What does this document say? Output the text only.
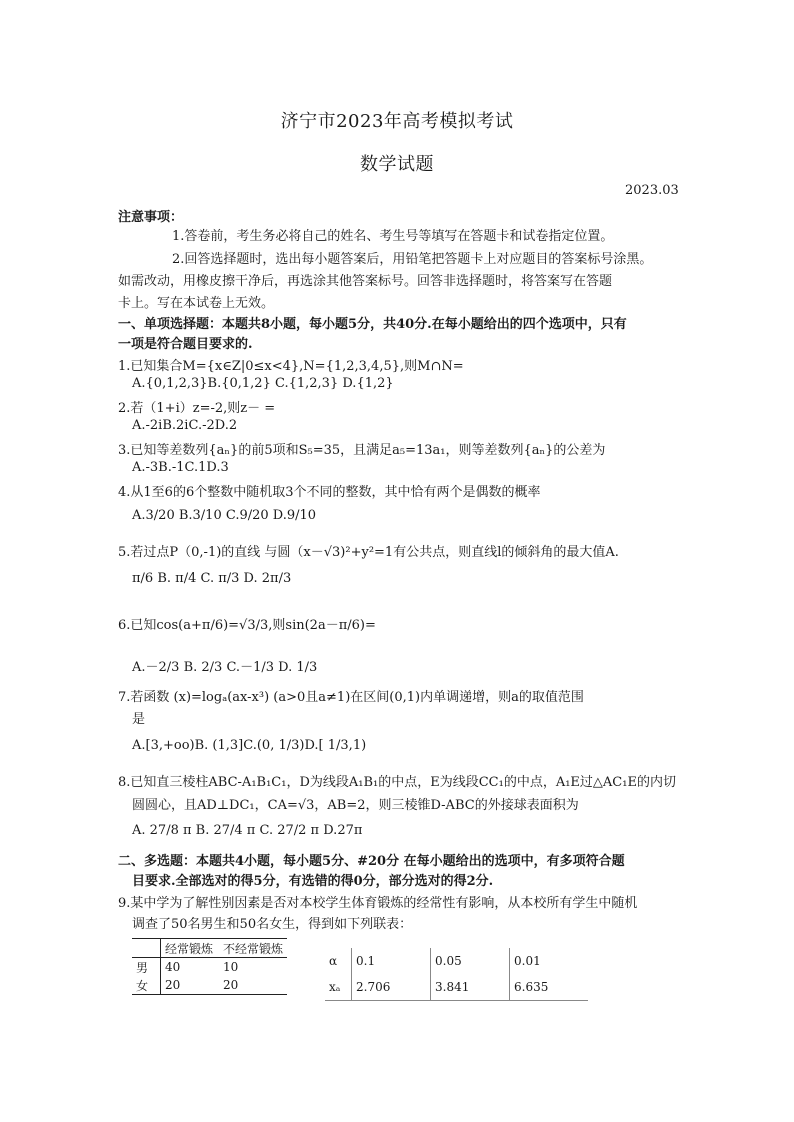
济宁市2023年高考模拟考试
数学试题
2023.03
注意事项：
1.答卷前，考生务必将自己的姓名、考生号等填写在答题卡和试卷指定位置。
2.回答选择题时，选出每小题答案后，用铅笔把答题卡上对应题目的答案标号涂黑。
如需改动，用橡皮擦干净后，再选涂其他答案标号。回答非选择题时，将答案写在答题
卡上。写在本试卷上无效。
一、单项选择题：本题共8小题，每小题5分，共40分.在每小题给出的四个选项中，只有
一项是符合题目要求的.
1.已知集合M={x∈Z|0≤x<4},N={1,2,3,4,5},则M∩N=
A.{0,1,2,3}B.{0,1,2} C.{1,2,3} D.{1,2}
2.若（1+i）z=-2,则z－ =
A.-2iB.2iC.-2D.2
3.已知等差数列{aₙ}的前5项和S₅=35，且满足a₅=13a₁，则等差数列{aₙ}的公差为
A.-3B.-1C.1D.3
4.从1至6的6个整数中随机取3个不同的整数，其中恰有两个是偶数的概率
A.3/20 B.3/10 C.9/20 D.9/10
5.若过点P（0,-1)的直线 与圆（x－√3)²+y²=1有公共点，则直线l的倾斜角的最大值A.
π/6 B. π/4 C. π/3 D. 2π/3
6.已知cos(a+π/6)=√3/3,则sin(2a－π/6)=
A.－2/3 B. 2/3 C.－1/3 D. 1/3
7.若函数 (x)=logₐ(ax-x³) (a>0且a≠1)在区间(0,1)内单调递增，则a的取值范围
是
A.[3,+oo)B. (1,3]C.(0, 1/3)D.[ 1/3,1)
8.已知直三棱柱ABC-A₁B₁C₁，D为线段A₁B₁的中点，E为线段CC₁的中点，A₁E过△AC₁E的内切
圆圆心，且AD⊥DC₁，CA=√3，AB=2，则三棱锥D-ABC的外接球表面积为
A. 27/8 π B. 27/4 π C. 27/2 π D.27π
二、多选题：本题共4小题，每小题5分、#20分 在每小题给出的选项中，有多项符合题
目要求.全部选对的得5分，有选错的得0分，部分选对的得2分.
9.某中学为了解性别因素是否对本校学生体育锻炼的经常性有影响，从本校所有学生中随机
调查了50名男生和50名女生，得到如下列联表：
	经常锻炼	不经常锻炼
男	40	10
女	20	20
α	0.1	0.05	0.01
xₐ	2.706	3.841	6.635
